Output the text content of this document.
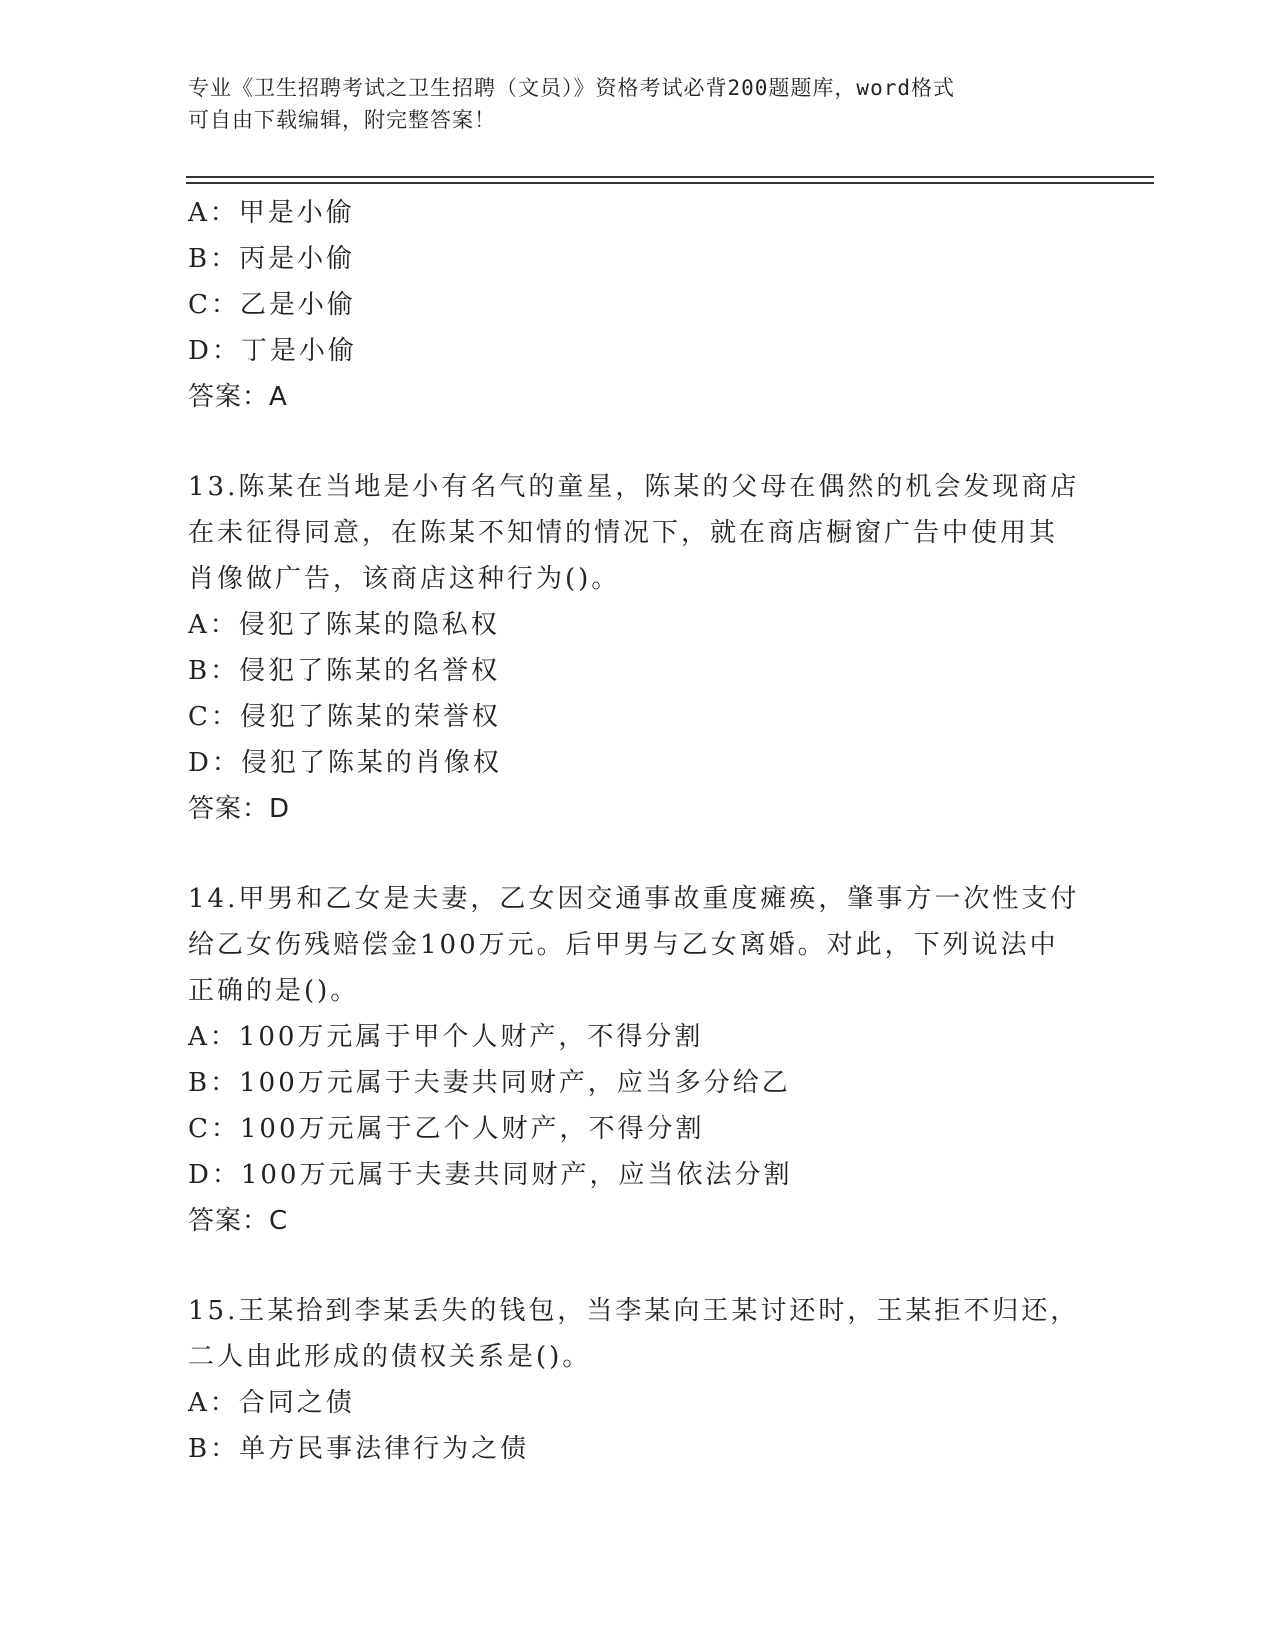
专业《卫生招聘考试之卫生招聘（文员）》资格考试必背200题题库，word格式
可自由下载编辑，附完整答案！
A：甲是小偷
B：丙是小偷
C：乙是小偷
D：丁是小偷
答案：A
13.陈某在当地是小有名气的童星，陈某的父母在偶然的机会发现商店
在未征得同意，在陈某不知情的情况下，就在商店橱窗广告中使用其
肖像做广告，该商店这种行为()。
A：侵犯了陈某的隐私权
B：侵犯了陈某的名誉权
C：侵犯了陈某的荣誉权
D：侵犯了陈某的肖像权
答案：D
14.甲男和乙女是夫妻，乙女因交通事故重度瘫痪，肇事方一次性支付
给乙女伤残赔偿金100万元。后甲男与乙女离婚。对此，下列说法中
正确的是()。
A：100万元属于甲个人财产，不得分割
B：100万元属于夫妻共同财产，应当多分给乙
C：100万元属于乙个人财产，不得分割
D：100万元属于夫妻共同财产，应当依法分割
答案：C
15.王某拾到李某丢失的钱包，当李某向王某讨还时，王某拒不归还，
二人由此形成的债权关系是()。
A：合同之债
B：单方民事法律行为之债
